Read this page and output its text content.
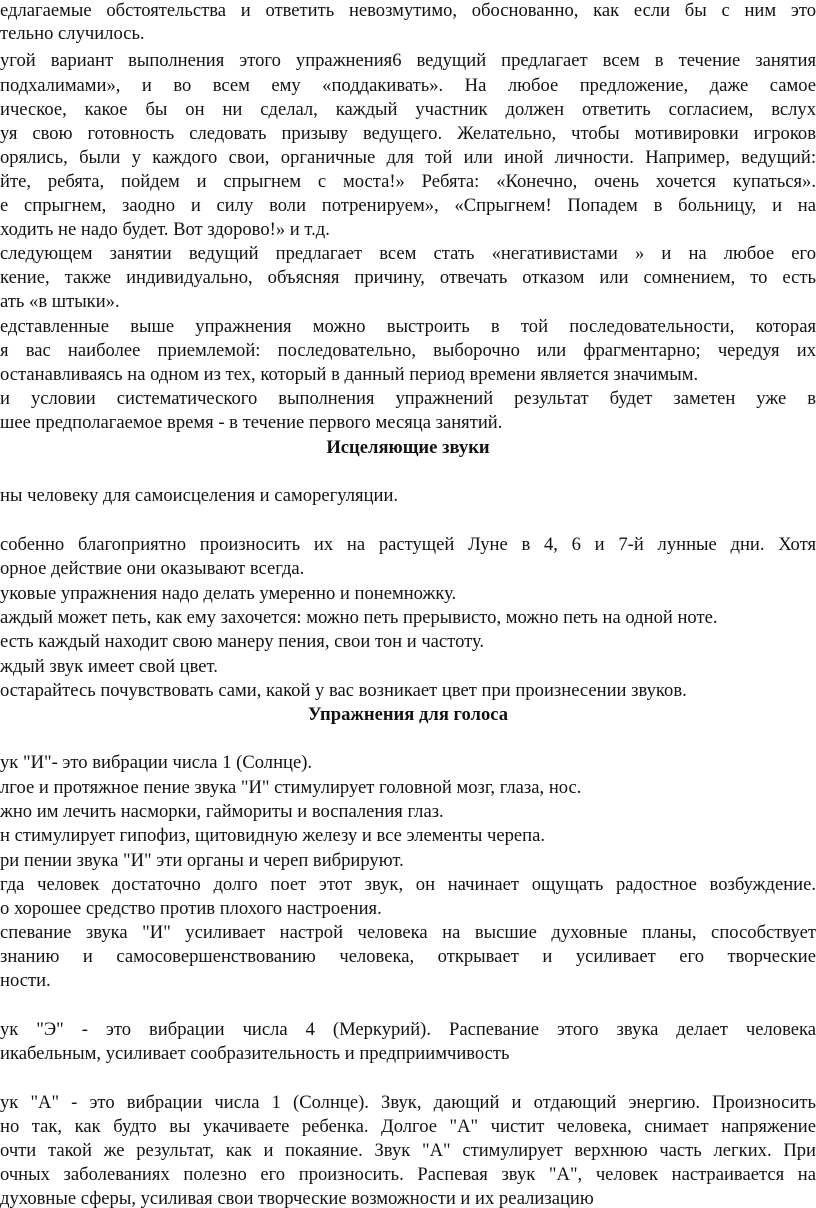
едлагаемые обстоятельства и ответить невозмутимо, обоснованно, как если бы с ним это
тельно случилось.
угой вариант выполнения этого упражнения6 ведущий предлагает всем в течение занятия
подхалимами», и во всем ему «поддакивать». На любое предложение, даже самое
ическое, какое бы он ни сделал, каждый участник должен ответить согласием, вслух
уя свою готовность следовать призыву ведущего. Желательно, чтобы мотивировки игроков
орялись, были у каждого свои, органичные для той или иной личности. Например, ведущий:
йте, ребята, пойдем и спрыгнем с моста!» Ребята: «Конечно, очень хочется купаться».
е спрыгнем, заодно и силу воли потренируем», «Спрыгнем! Попадем в больницу, и на
ходить не надо будет. Вот здорово!» и т.д.
следующем занятии ведущий предлагает всем стать «негативистами » и на любое его
кение, также индивидуально, объясняя причину, отвечать отказом или сомнением, то есть
ать «в штыки».
едставленные выше упражнения можно выстроить в той последовательности, которая
я вас наиболее приемлемой: последовательно, выборочно или фрагментарно; чередуя их
останавливаясь на одном из тех, который в данный период времени является значимым.
и условии систематического выполнения упражнений результат будет заметен уже в
шее предполагаемое время - в течение первого месяца занятий.
Исцеляющие звуки
ны человеку для самоисцеления и саморегуляции.
собенно благоприятно произносить их на растущей Луне в 4, 6 и 7-й лунные дни. Хотя
орное действие они оказывают всегда.
уковые упражнения надо делать умеренно и понемножку.
аждый может петь, как ему захочется: можно петь прерывисто, можно петь на одной ноте.
есть каждый находит свою манеру пения, свои тон и частоту.
ждый звук имеет свой цвет.
остарайтесь почувствовать сами, какой у вас возникает цвет при произнесении звуков.
Упражнения для голоса
ук "И"- это вибрации числа 1 (Солнце).
лгое и протяжное пение звука "И" стимулирует головной мозг, глаза, нос.
жно им лечить насморки, гаймориты и воспаления глаз.
н стимулирует гипофиз, щитовидную железу и все элементы черепа.
ри пении звука "И" эти органы и череп вибрируют.
гда человек достаточно долго поет этот звук, он начинает ощущать радостное возбуждение.
о хорошее средство против плохого настроения.
спевание звука "И" усиливает настрой человека на высшие духовные планы, способствует
знанию и самосовершенствованию человека, открывает и усиливает его творческие
ности.
ук "Э" - это вибрации числа 4 (Меркурий). Распевание этого звука делает человека
икабельным, усиливает сообразительность и предприимчивость
ук "А" - это вибрации числа 1 (Солнце). Звук, дающий и отдающий энергию. Произносить
но так, как будто вы укачиваете ребенка. Долгое "А" чистит человека, снимает напряжение
очти такой же результат, как и покаяние. Звук "А" стимулирует верхнюю часть легких. При
очных заболеваниях полезно его произносить. Распевая звук "А", человек настраивается на
духовные сферы, усиливая свои творческие возможности и их реализацию
